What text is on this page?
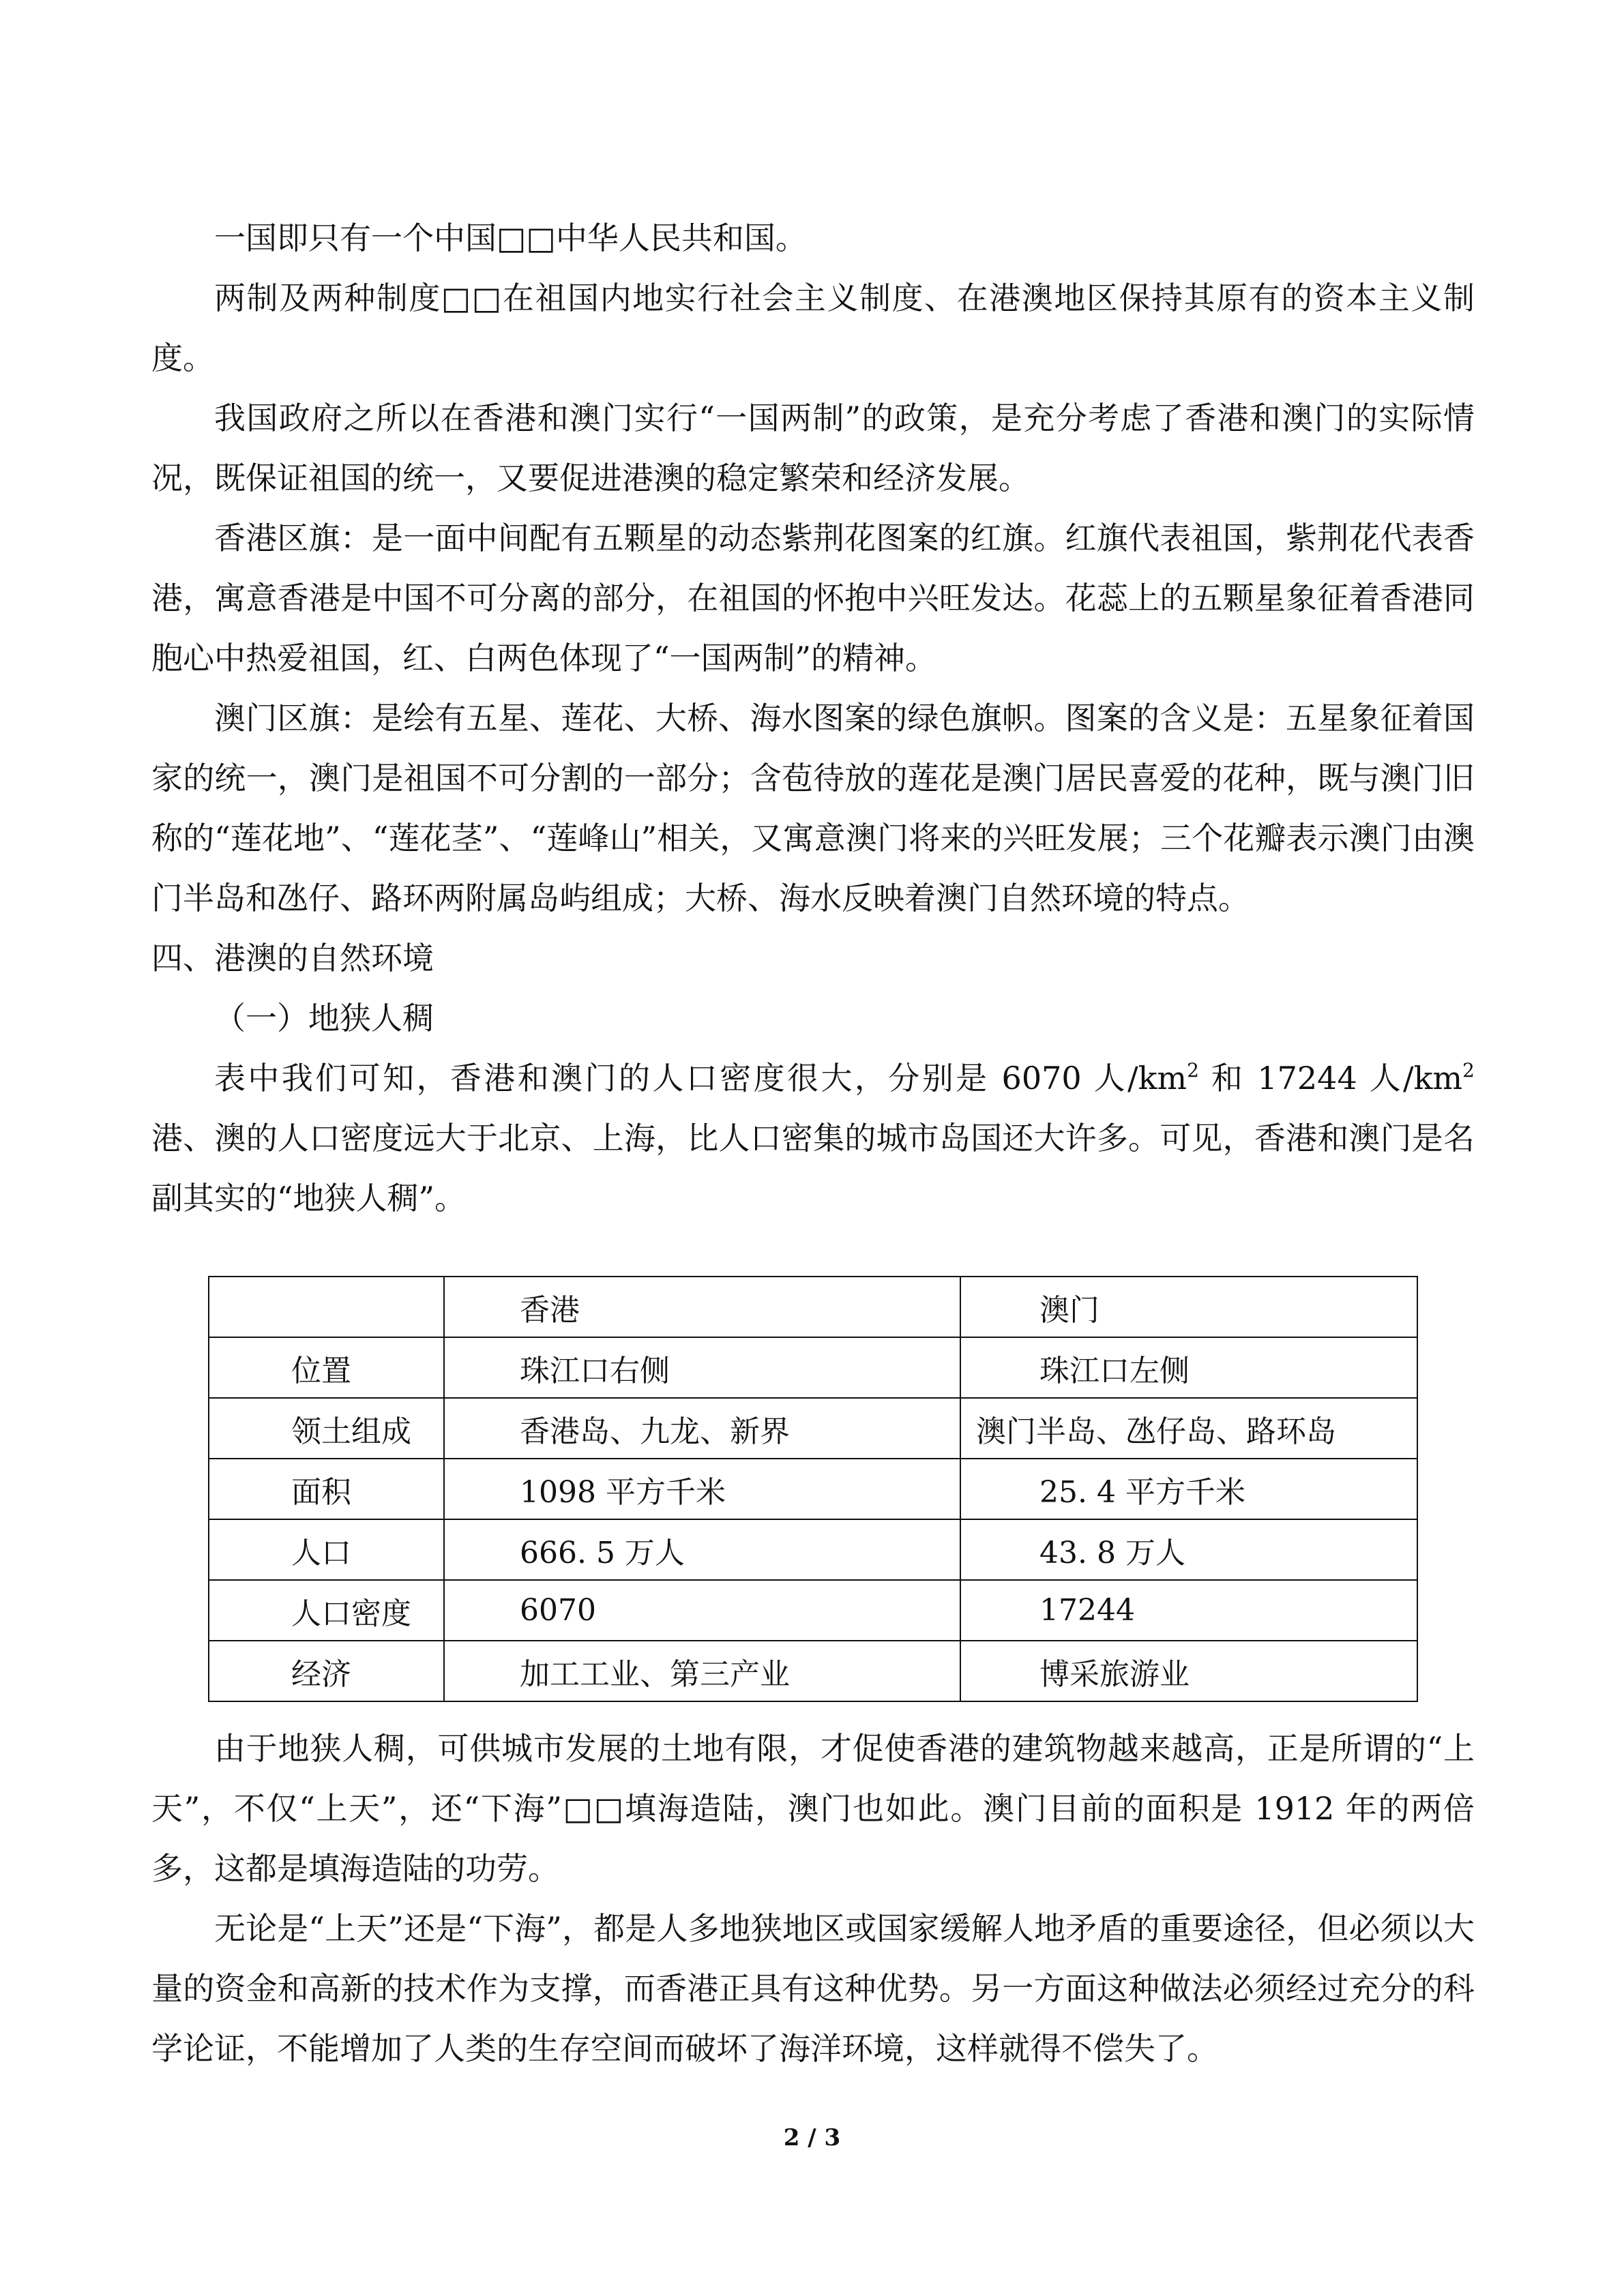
一国即只有一个中国□□中华人民共和国。

两制及两种制度□□在祖国内地实行社会主义制度、在港澳地区保持其原有的资本主义制度。

我国政府之所以在香港和澳门实行“一国两制”的政策，是充分考虑了香港和澳门的实际情况，既保证祖国的统一，又要促进港澳的稳定繁荣和经济发展。

香港区旗：是一面中间配有五颗星的动态紫荆花图案的红旗。红旗代表祖国，紫荆花代表香港，寓意香港是中国不可分离的部分，在祖国的怀抱中兴旺发达。花蕊上的五颗星象征着香港同胞心中热爱祖国，红、白两色体现了“一国两制”的精神。

澳门区旗：是绘有五星、莲花、大桥、海水图案的绿色旗帜。图案的含义是：五星象征着国家的统一，澳门是祖国不可分割的一部分；含苞待放的莲花是澳门居民喜爱的花种，既与澳门旧称的“莲花地”、“莲花茎”、“莲峰山”相关，又寓意澳门将来的兴旺发展；三个花瓣表示澳门由澳门半岛和氹仔、路环两附属岛屿组成；大桥、海水反映着澳门自然环境的特点。

四、港澳的自然环境

（一）地狭人稠

表中我们可知，香港和澳门的人口密度很大，分别是 6070 人$/km^2$ 和 17244 人$/km^2$ 港、澳的人口密度远大于北京、上海，比人口密集的城市岛国还大许多。可见，香港和澳门是名副其实的“地狭人稠”。

	香港	澳门
位置	珠江口右侧	珠江口左侧
领土组成	香港岛、九龙、新界	澳门半岛、氹仔岛、路环岛
面积	1098 平方千米	25. 4 平方千米
人口	666. 5 万人	43. 8 万人
人口密度	6070	17244
经济	加工工业、第三产业	博采旅游业

由于地狭人稠，可供城市发展的土地有限，才促使香港的建筑物越来越高，正是所谓的“上天”，不仅“上天”，还“下海”□□填海造陆，澳门也如此。澳门目前的面积是 1912 年的两倍多，这都是填海造陆的功劳。

无论是“上天”还是“下海”，都是人多地狭地区或国家缓解人地矛盾的重要途径，但必须以大量的资金和高新的技术作为支撑，而香港正具有这种优势。另一方面这种做法必须经过充分的科学论证，不能增加了人类的生存空间而破坏了海洋环境，这样就得不偿失了。

2 / 3
